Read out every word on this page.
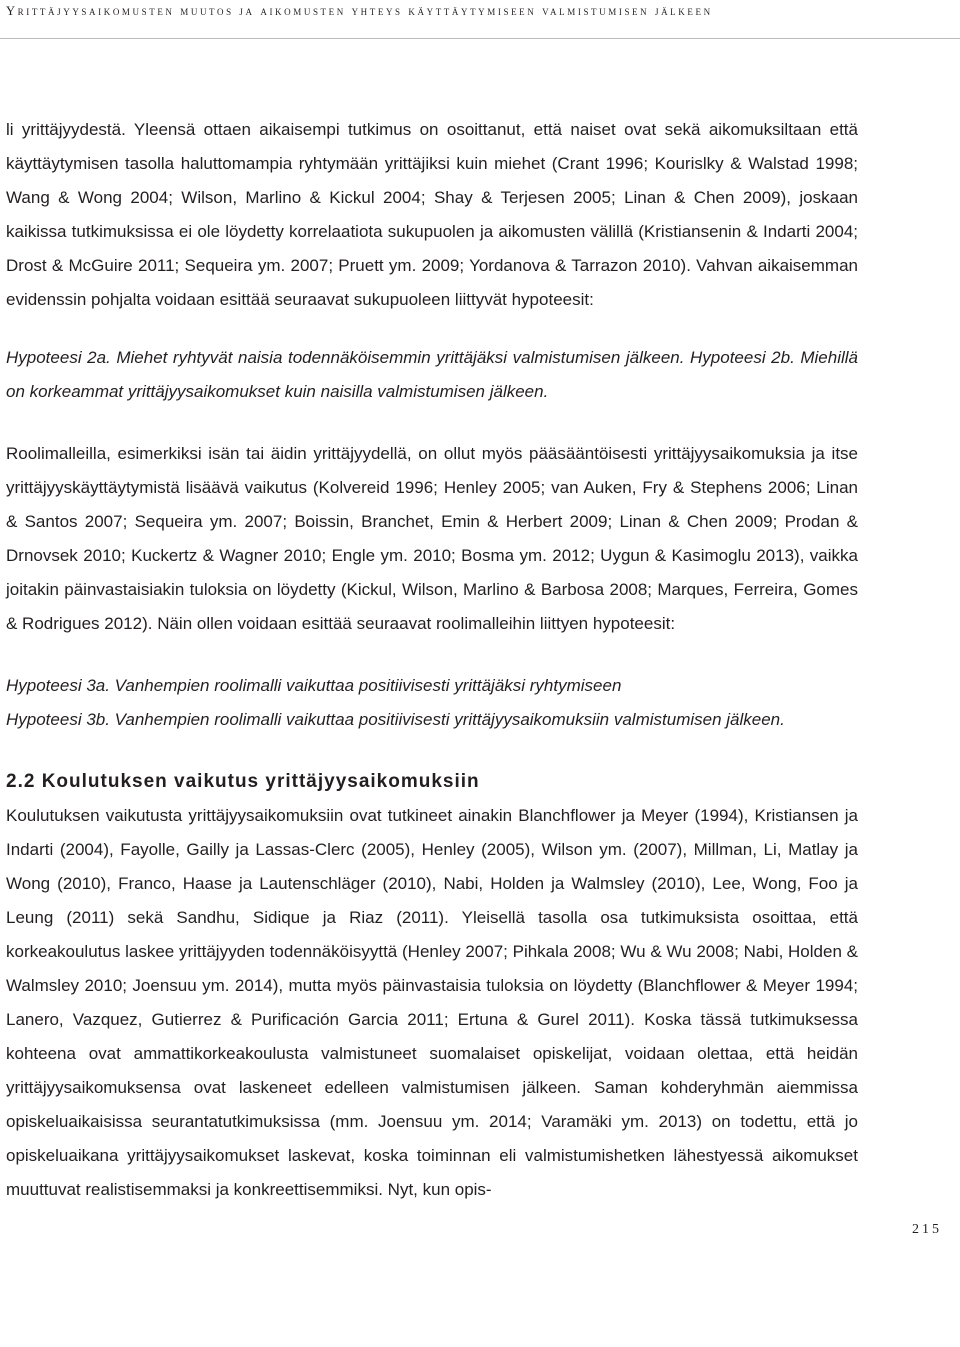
Yrittäjyysaikomusten muutos ja aikomusten yhteys käyttäytymiseen valmistumisen jälkeen

li yrittäjyydestä. Yleensä ottaen aikaisempi tutkimus on osoittanut, että naiset ovat sekä aikomuksiltaan että käyttäytymisen tasolla haluttomampia ryhtymään yrittäjiksi kuin miehet (Crant 1996; Kourislky & Walstad 1998; Wang & Wong 2004; Wilson, Marlino & Kickul 2004; Shay & Terjesen 2005; Linan & Chen 2009), joskaan kaikissa tutkimuksissa ei ole löydetty korrelaatiota sukupuolen ja aikomusten välillä (Kristiansenin & Indarti 2004; Drost & McGuire 2011; Sequeira ym. 2007; Pruett ym. 2009; Yordanova & Tarrazon 2010). Vahvan aikaisemman evidenssin pohjalta voidaan esittää seuraavat sukupuoleen liittyvät hypoteesit:

Hypoteesi 2a. Miehet ryhtyvät naisia todennäköisemmin yrittäjäksi valmistumisen jälkeen. Hypoteesi 2b. Miehillä on korkeammat yrittäjyysaikomukset kuin naisilla valmistumisen jälkeen.

Roolimalleilla, esimerkiksi isän tai äidin yrittäjyydellä, on ollut myös pääsääntöisesti yrittäjyysaikomuksia ja itse yrittäjyyskäyttäytymistä lisäävä vaikutus (Kolvereid 1996; Henley 2005; van Auken, Fry & Stephens 2006; Linan & Santos 2007; Sequeira ym. 2007; Boissin, Branchet, Emin & Herbert 2009; Linan & Chen 2009; Prodan & Drnovsek 2010; Kuckertz & Wagner 2010; Engle ym. 2010; Bosma ym. 2012; Uygun & Kasimoglu 2013), vaikka joitakin päinvastaisiakin tuloksia on löydetty (Kickul, Wilson, Marlino & Barbosa 2008; Marques, Ferreira, Gomes & Rodrigues 2012). Näin ollen voidaan esittää seuraavat roolimalleihin liittyen hypoteesit:

Hypoteesi 3a. Vanhempien roolimalli vaikuttaa positiivisesti yrittäjäksi ryhtymiseen

Hypoteesi 3b. Vanhempien roolimalli vaikuttaa positiivisesti yrittäjyysaikomuksiin valmistumisen jälkeen.

2.2 Koulutuksen vaikutus yrittäjyysaikomuksiin

Koulutuksen vaikutusta yrittäjyysaikomuksiin ovat tutkineet ainakin Blanchflower ja Meyer (1994), Kristiansen ja Indarti (2004), Fayolle, Gailly ja Lassas-Clerc (2005), Henley (2005), Wilson ym. (2007), Millman, Li, Matlay ja Wong (2010), Franco, Haase ja Lautenschläger (2010), Nabi, Holden ja Walmsley (2010), Lee, Wong, Foo ja Leung (2011) sekä Sandhu, Sidique ja Riaz (2011). Yleisellä tasolla osa tutkimuksista osoittaa, että korkeakoulutus laskee yrittäjyyden todennäköisyyttä (Henley 2007; Pihkala 2008; Wu & Wu 2008; Nabi, Holden & Walmsley 2010; Joensuu ym. 2014), mutta myös päinvastaisia tuloksia on löydetty (Blanchflower & Meyer 1994; Lanero, Vazquez, Gutierrez & Purificación Garcia 2011; Ertuna & Gurel 2011). Koska tässä tutkimuksessa kohteena ovat ammattikorkeakoulusta valmistuneet suomalaiset opiskelijat, voidaan olettaa, että heidän yrittäjyysaikomuksensa ovat laskeneet edelleen valmistumisen jälkeen. Saman kohderyhmän aiemmissa opiskeluaikaisissa seurantatutkimuksissa (mm. Joensuu ym. 2014; Varamäki ym. 2013) on todettu, että jo opiskeluaikana yrittäjyysaikomukset laskevat, koska toiminnan eli valmistumishetken lähestyessä aikomukset muuttuvat realistisemmaksi ja konkreettisemmiksi. Nyt, kun opis-

215
